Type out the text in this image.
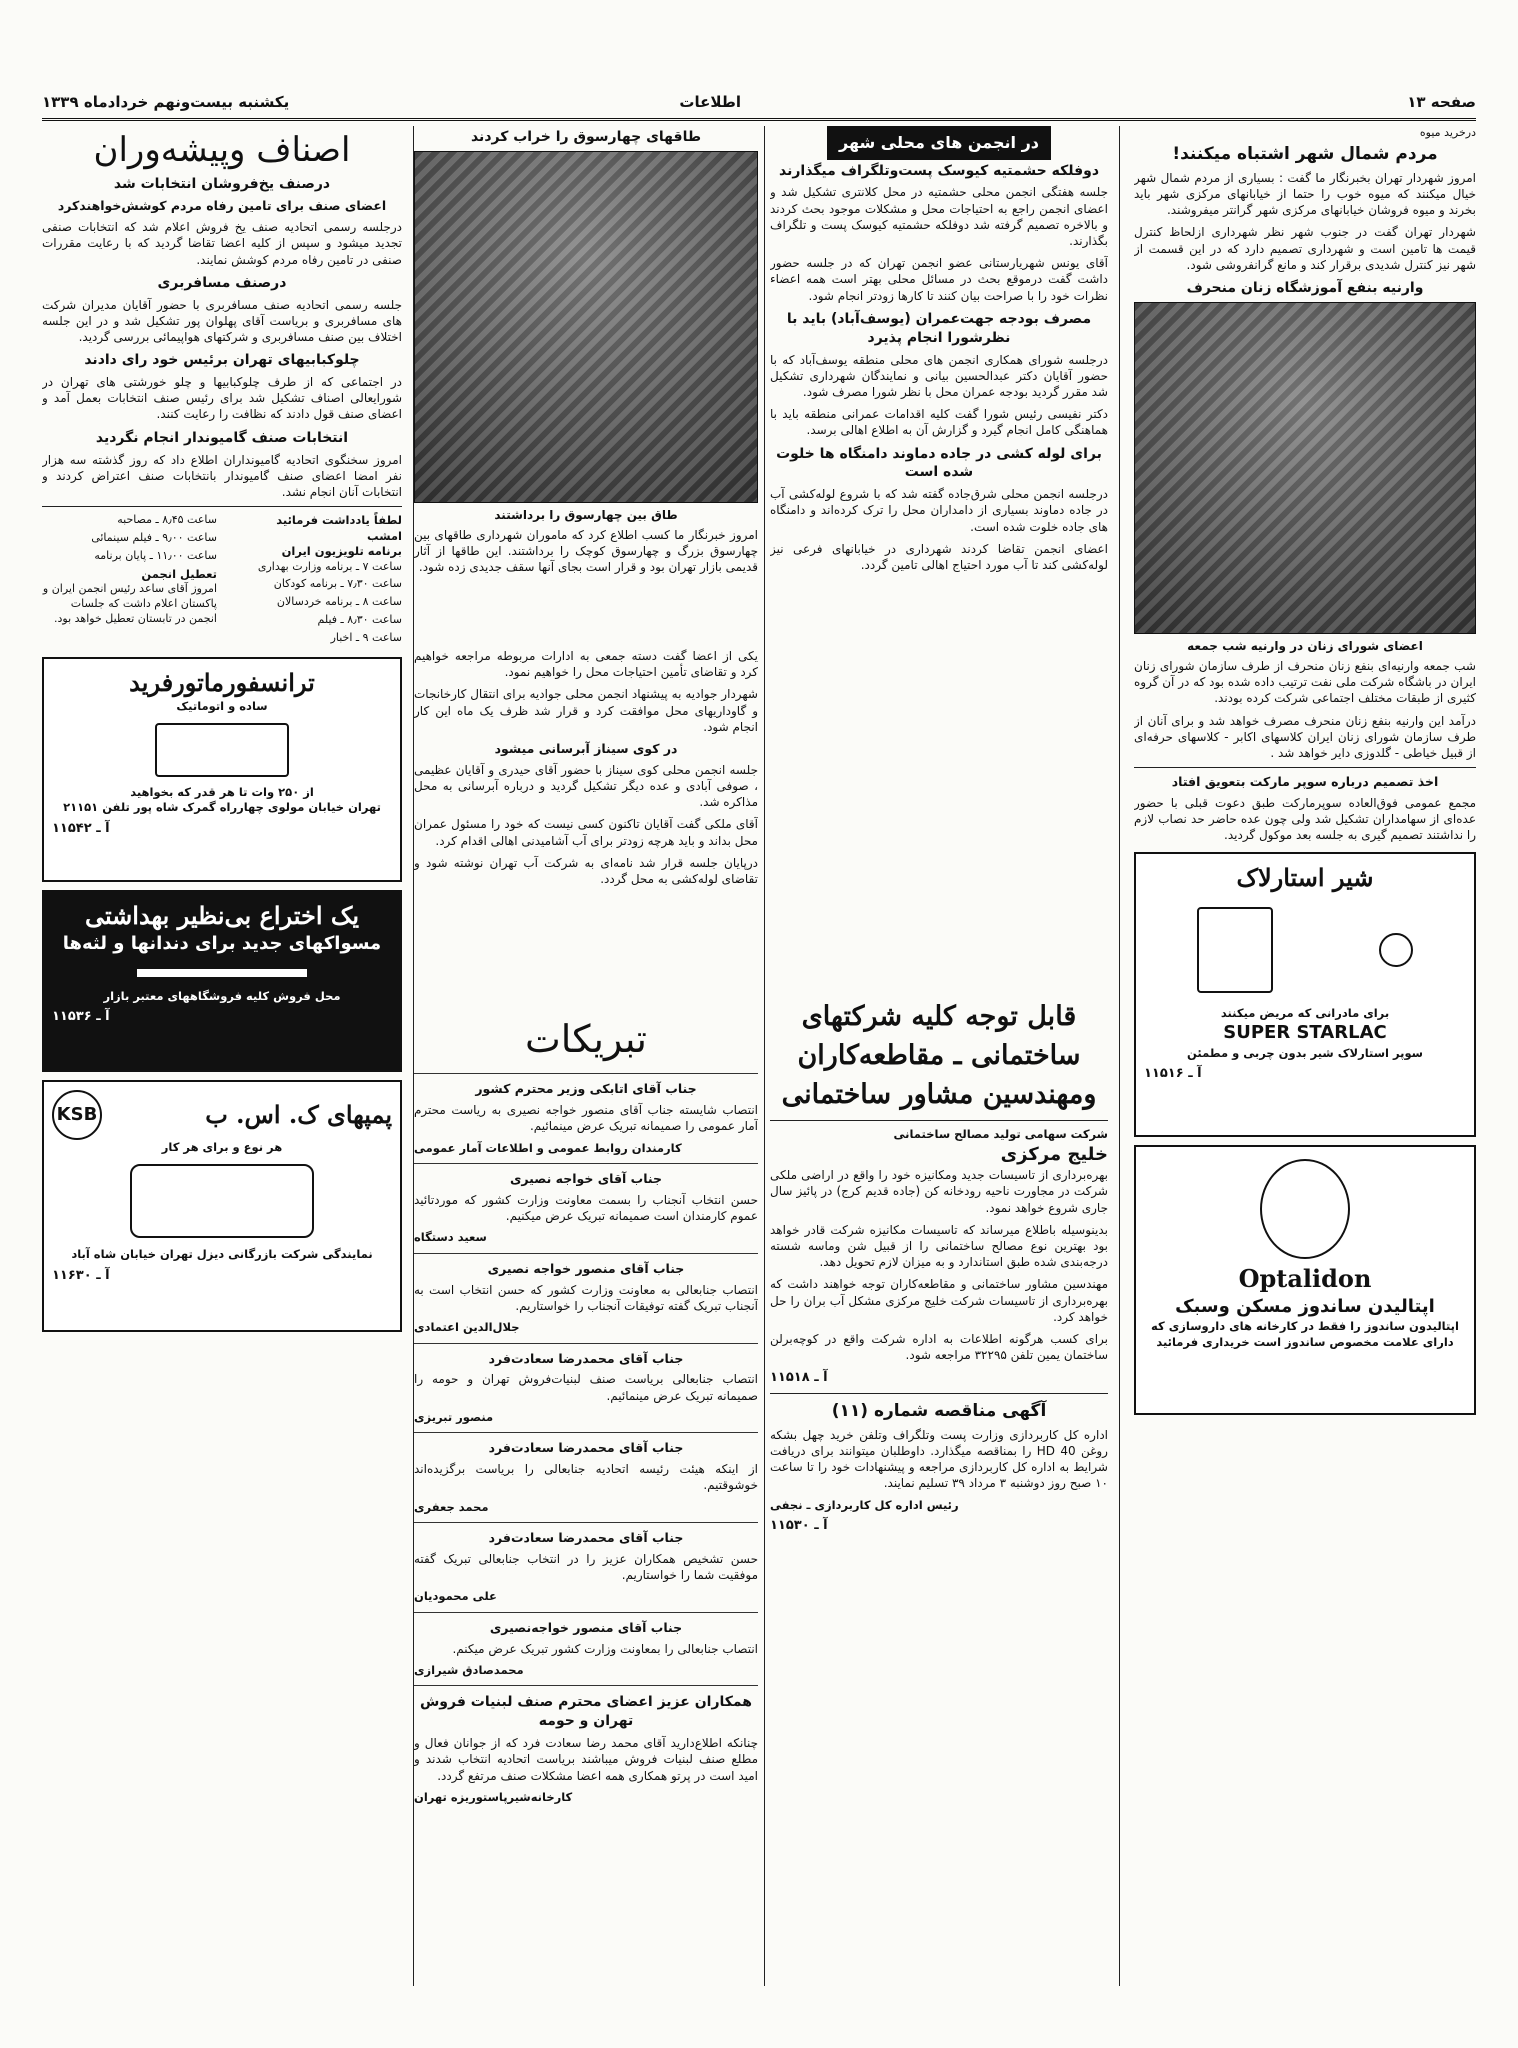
صفحه ۱۳
اطلاعات
یکشنبه بیست‌ونهم خردادماه ۱۳۳۹
درخرید میوه
مردم شمال شهر اشتباه میکنند!

امروز شهردار تهران بخبرنگار ما گفت : بسیاری از مردم شمال شهر خیال میکنند که میوه خوب را حتما از خیابانهای مرکزی شهر باید بخرند و میوه فروشان خیابانهای مرکزی شهر گرانتر میفروشند.

شهردار تهران گفت در جنوب شهر نظر شهرداری ازلحاظ کنترل قیمت ها تامین است و شهرداری تصمیم دارد که در این قسمت از شهر نیز کنترل شدیدی برقرار کند و مانع گرانفروشی شود.

وارنیه بنفع آموزشگاه زنان منحرف
اعضای شورای زنان در وارنیه شب جمعه

شب جمعه وارنیه‌ای بنفع زنان منحرف از طرف سازمان شورای زنان ایران در باشگاه شرکت ملی نفت ترتیب داده شده بود که در آن گروه کثیری از طبقات مختلف اجتماعی شرکت کرده بودند.

درآمد این وارنیه بنفع زنان منحرف مصرف خواهد شد و برای آنان از طرف سازمان شورای زنان ایران کلاسهای اکابر - کلاسهای حرفه‌ای از قبیل خیاطی - گلدوزی دایر خواهد شد .

اخذ تصمیم درباره سوپر مارکت بتعویق افتاد

مجمع عمومی فوق‌العاده سوپرمارکت طبق دعوت قبلی با حضور عده‌ای از سهامداران تشکیل شد ولی چون عده حاضر حد نصاب لازم را نداشتند تصمیم گیری به جلسه بعد موکول گردید.

شیر استارلاک
برای مادرانی که مریض میکنند
SUPER STARLAC
سوپر استارلاک شیر بدون چربی و مطمئن
آ ـ ۱۱۵۱۶
Optalidon
اپتالیدن ساندوز مسکن وسبک
اپتالیدون ساندوز را فقط در کارخانه های داروسازی که دارای علامت مخصوص ساندوز است خریداری فرمائید
در انجمن های محلی شهر
دوفلکه حشمتیه کیوسک پست‌وتلگراف میگذارند

جلسه هفتگی انجمن محلی حشمتیه در محل کلانتری تشکیل شد و اعضای انجمن راجع به احتیاجات محل و مشکلات موجود بحث کردند و بالاخره تصمیم گرفته شد دوفلکه حشمتیه کیوسک پست و تلگراف بگذارند.

آقای یونس شهریارستانی عضو انجمن تهران که در جلسه حضور داشت گفت درموقع بحث در مسائل محلی بهتر است همه اعضاء نظرات خود را با صراحت بیان کنند تا کارها زودتر انجام شود.

مصرف بودجه جهت‌عمران (یوسف‌آباد) باید با نظرشورا انجام پذیرد

درجلسه شورای همکاری انجمن های محلی منطقه یوسف‌آباد که با حضور آقایان دکتر عبدالحسین بیانی و نمایندگان شهرداری تشکیل شد مقرر گردید بودجه عمران محل با نظر شورا مصرف شود.

دکتر نفیسی رئیس شورا گفت کلیه اقدامات عمرانی منطقه باید با هماهنگی کامل انجام گیرد و گزارش آن به اطلاع اهالی برسد.

برای لوله کشی در جاده دماوند دامنگاه ها خلوت شده است

درجلسه انجمن محلی شرق‌جاده گفته شد که با شروع لوله‌کشی آب در جاده دماوند بسیاری از دامداران محل را ترک کرده‌اند و دامنگاه های جاده خلوت شده است.

اعضای انجمن تقاضا کردند شهرداری در خیابانهای فرعی نیز لوله‌کشی کند تا آب مورد احتیاج اهالی تامین گردد.

قابل توجه کلیه شرکتهای ساختمانی ـ مقاطعه‌کاران ومهندسین مشاور ساختمانی
شرکت سهامی تولید مصالح ساختمانی
خلیج مرکزی

بهره‌برداری از تاسیسات جدید ومکانیزه خود را واقع در اراضی ملکی شرکت در مجاورت ناحیه رودخانه کن (جاده قدیم کرج) در پائیز سال جاری شروع خواهد نمود.

بدینوسیله باطلاع میرساند که تاسیسات مکانیزه شرکت قادر خواهد بود بهترین نوع مصالح ساختمانی را از قبیل شن وماسه شسته درجه‌بندی شده طبق استاندارد و به میزان لازم تحویل دهد.

مهندسین مشاور ساختمانی و مقاطعه‌کاران توجه خواهند داشت که بهره‌برداری از تاسیسات شرکت خلیج مرکزی مشکل آب بران را حل خواهد کرد.

برای کسب هرگونه اطلاعات به اداره شرکت واقع در کوچه‌برلن ساختمان یمین تلفن ۳۲۲۹۵ مراجعه شود.

آ ـ ۱۱۵۱۸
آگهی مناقصه شماره (۱۱)

اداره کل کاربردازی وزارت پست وتلگراف وتلفن خرید چهل بشکه روغن HD 40 را بمناقصه میگذارد. داوطلبان میتوانند برای دریافت شرایط به اداره کل کاربردازی مراجعه و پیشنهادات خود را تا ساعت ۱۰ صبح روز دوشنبه ۳ مرداد ۳۹ تسلیم نمایند.

رئیس اداره کل کاربردازی ـ نجفی
آ ـ ۱۱۵۳۰
طاقهای چهارسوق را خراب کردند
طاق بین چهارسوق را برداشتند

امروز خبرنگار ما کسب اطلاع کرد که ماموران شهرداری طاقهای بین چهارسوق بزرگ و چهارسوق کوچک را برداشتند. این طاقها از آثار قدیمی بازار تهران بود و قرار است بجای آنها سقف جدیدی زده شود.

یکی از اعضا گفت دسته جمعی به ادارات مربوطه مراجعه خواهیم کرد و تقاضای تأمین احتیاجات محل را خواهیم نمود.

شهردار جوادیه به پیشنهاد انجمن محلی جوادیه برای انتقال کارخانجات و گاوداریهای محل موافقت کرد و قرار شد ظرف یک ماه این کار انجام شود.

در کوی سیناز آبرسانی میشود

جلسه انجمن محلی کوی سیناز با حضور آقای حیدری و آقایان عظیمی ، صوفی آبادی و عده دیگر تشکیل گردید و درباره آبرسانی به محل مذاکره شد.

آقای ملکی گفت آقایان تاکنون کسی نیست که خود را مسئول عمران محل بداند و باید هرچه زودتر برای آب آشامیدنی اهالی اقدام کرد.

درپایان جلسه قرار شد نامه‌ای به شرکت آب تهران نوشته شود و تقاضای لوله‌کشی به محل گردد.

تبریکات
جناب آقای اتابکی وزیر محترم کشور

انتصاب شایسته جناب آقای منصور خواجه نصیری به ریاست محترم آمار عمومی را صمیمانه تبریک عرض مینمائیم.

کارمندان روابط عمومی و اطلاعات آمار عمومی
جناب آقای خواجه نصیری

حسن انتخاب آنجناب را بسمت معاونت وزارت کشور که موردتائید عموم کارمندان است صمیمانه تبریک عرض میکنیم.

سعید دستگاه
جناب آقای منصور خواجه نصیری

انتصاب جنابعالی به معاونت وزارت کشور که حسن انتخاب است به آنجناب تبریک گفته توفیقات آنجناب را خواستاریم.

جلال‌الدین اعتمادی
جناب آقای محمدرضا سعادت‌فرد

انتصاب جنابعالی بریاست صنف لبنیات‌فروش تهران و حومه را صمیمانه تبریک عرض مینمائیم.

منصور تبریزی
جناب آقای محمدرضا سعادت‌فرد

از اینکه هیئت رئیسه اتحادیه جنابعالی را بریاست برگزیده‌اند خوشوقتیم.

محمد جعفری
جناب آقای محمدرضا سعادت‌فرد

حسن تشخیص همکاران عزیز را در انتخاب جنابعالی تبریک گفته موفقیت شما را خواستاریم.

علی محمودیان
جناب آقای منصور خواجه‌نصیری

انتصاب جنابعالی را بمعاونت وزارت کشور تبریک عرض میکنم.

محمدصادق شیرازی
همکاران عزیز اعضای محترم صنف لبنیات فروش تهران و حومه

چنانکه اطلاع‌دارید آقای محمد رضا سعادت فرد که از جوانان فعال و مطلع صنف لبنیات فروش میباشند بریاست اتحادیه انتخاب شدند و امید است در پرتو همکاری همه اعضا مشکلات صنف مرتفع گردد.

کارخانه‌شیرپاستوریزه تهران
اصناف وپیشه‌وران
درصنف یخ‌فروشان انتخابات شد
اعضای صنف برای تامین رفاه مردم کوشش‌خواهندکرد

درجلسه رسمی اتحادیه صنف یخ فروش اعلام شد که انتخابات صنفی تجدید میشود و سپس از کلیه اعضا تقاضا گردید که با رعایت مقررات صنفی در تامین رفاه مردم کوشش نمایند.

درصنف مسافربری

جلسه رسمی اتحادیه صنف مسافربری با حضور آقایان مدیران شرکت های مسافربری و بریاست آقای پهلوان پور تشکیل شد و در این جلسه اختلاف بین صنف مسافربری و شرکتهای هواپیمائی بررسی گردید.

چلوکبابیهای تهران برئیس خود رای دادند

در اجتماعی که از طرف چلوکبابیها و چلو خورشتی های تهران در شورایعالی اصناف تشکیل شد برای رئیس صنف انتخابات بعمل آمد و اعضای صنف قول دادند که نظافت را رعایت کنند.

انتخابات صنف گامیوندار انجام نگردید

امروز سخنگوی اتحادیه گامیونداران اطلاع داد که روز گذشته سه هزار نفر امضا اعضای صنف گامیوندار بانتخابات صنف اعتراض کردند و انتخابات آنان انجام نشد.

لطفاً یادداشت فرمائید
امشب
برنامه تلویزیون ایران
ساعت ۷ ـ برنامه وزارت بهداری
ساعت ۷٫۳۰ ـ برنامه کودکان
ساعت ۸ ـ برنامه خردسالان
ساعت ۸٫۳۰ ـ فیلم
ساعت ۹ ـ اخبار
ساعت ۸٫۴۵ ـ مصاحبه
ساعت ۹٫۰۰ ـ فیلم سینمائی
ساعت ۱۱٫۰۰ ـ پایان برنامه
تعطیل انجمن
امروز آقای ساعد رئیس انجمن ایران و پاکستان اعلام داشت که جلسات انجمن در تابستان تعطیل خواهد بود.
ترانسفورماتورفرید
ساده و اتوماتیک
از ۲۵۰ وات تا هر قدر که بخواهید
تهران خیابان مولوی چهارراه گمرک شاه پور تلفن ۲۱۱۵۱
آ ـ ۱۱۵۴۲
یک اختراع بی‌نظیر بهداشتی
مسواکهای جدید برای دندانها و لثه‌ها
محل فروش کلیه فروشگاههای معتبر بازار
آ ـ ۱۱۵۳۶
پمپهای ک. اس. ب
KSB
هر نوع و برای هر کار
نمایندگی شرکت بازرگانی دیزل تهران خیابان شاه آباد
آ ـ ۱۱۶۳۰
